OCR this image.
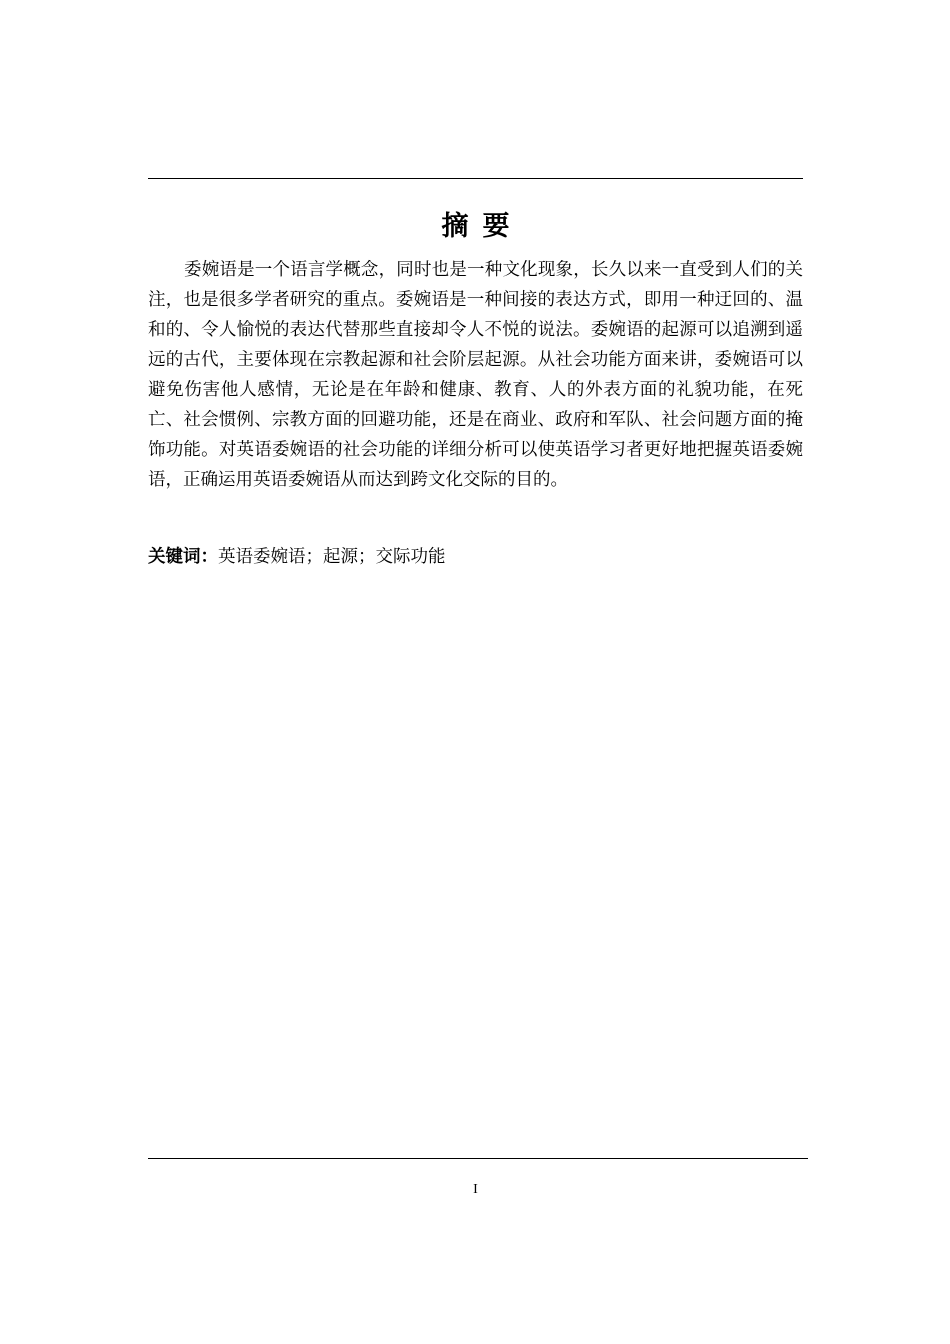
摘要

委婉语是一个语言学概念，同时也是一种文化现象，长久以来一直受到人们的关注，也是很多学者研究的重点。委婉语是一种间接的表达方式，即用一种迂回的、温和的、令人愉悦的表达代替那些直接却令人不悦的说法。委婉语的起源可以追溯到遥远的古代，主要体现在宗教起源和社会阶层起源。从社会功能方面来讲，委婉语可以避免伤害他人感情，无论是在年龄和健康、教育、人的外表方面的礼貌功能，在死亡、社会惯例、宗教方面的回避功能，还是在商业、政府和军队、社会问题方面的掩饰功能。对英语委婉语的社会功能的详细分析可以使英语学习者更好地把握英语委婉语，正确运用英语委婉语从而达到跨文化交际的目的。

关键词：英语委婉语；起源；交际功能

I
